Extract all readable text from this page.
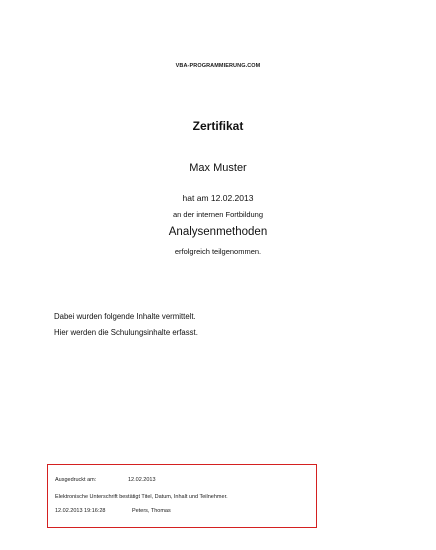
VBA-PROGRAMMIERUNG.COM
Zertifikat
Max Muster
hat am 12.02.2013
an der internen Fortbildung
Analysenmethoden
erfolgreich teilgenommen.
Dabei wurden folgende Inhalte vermittelt.
Hier werden die Schulungsinhalte erfasst.
Ausgedruckt am:	12.02.2013
Elektronische Unterschrift bestätigt Titel, Datum, Inhalt und Teilnehmer.
12.02.2013 19:16:28	Peters, Thomas
